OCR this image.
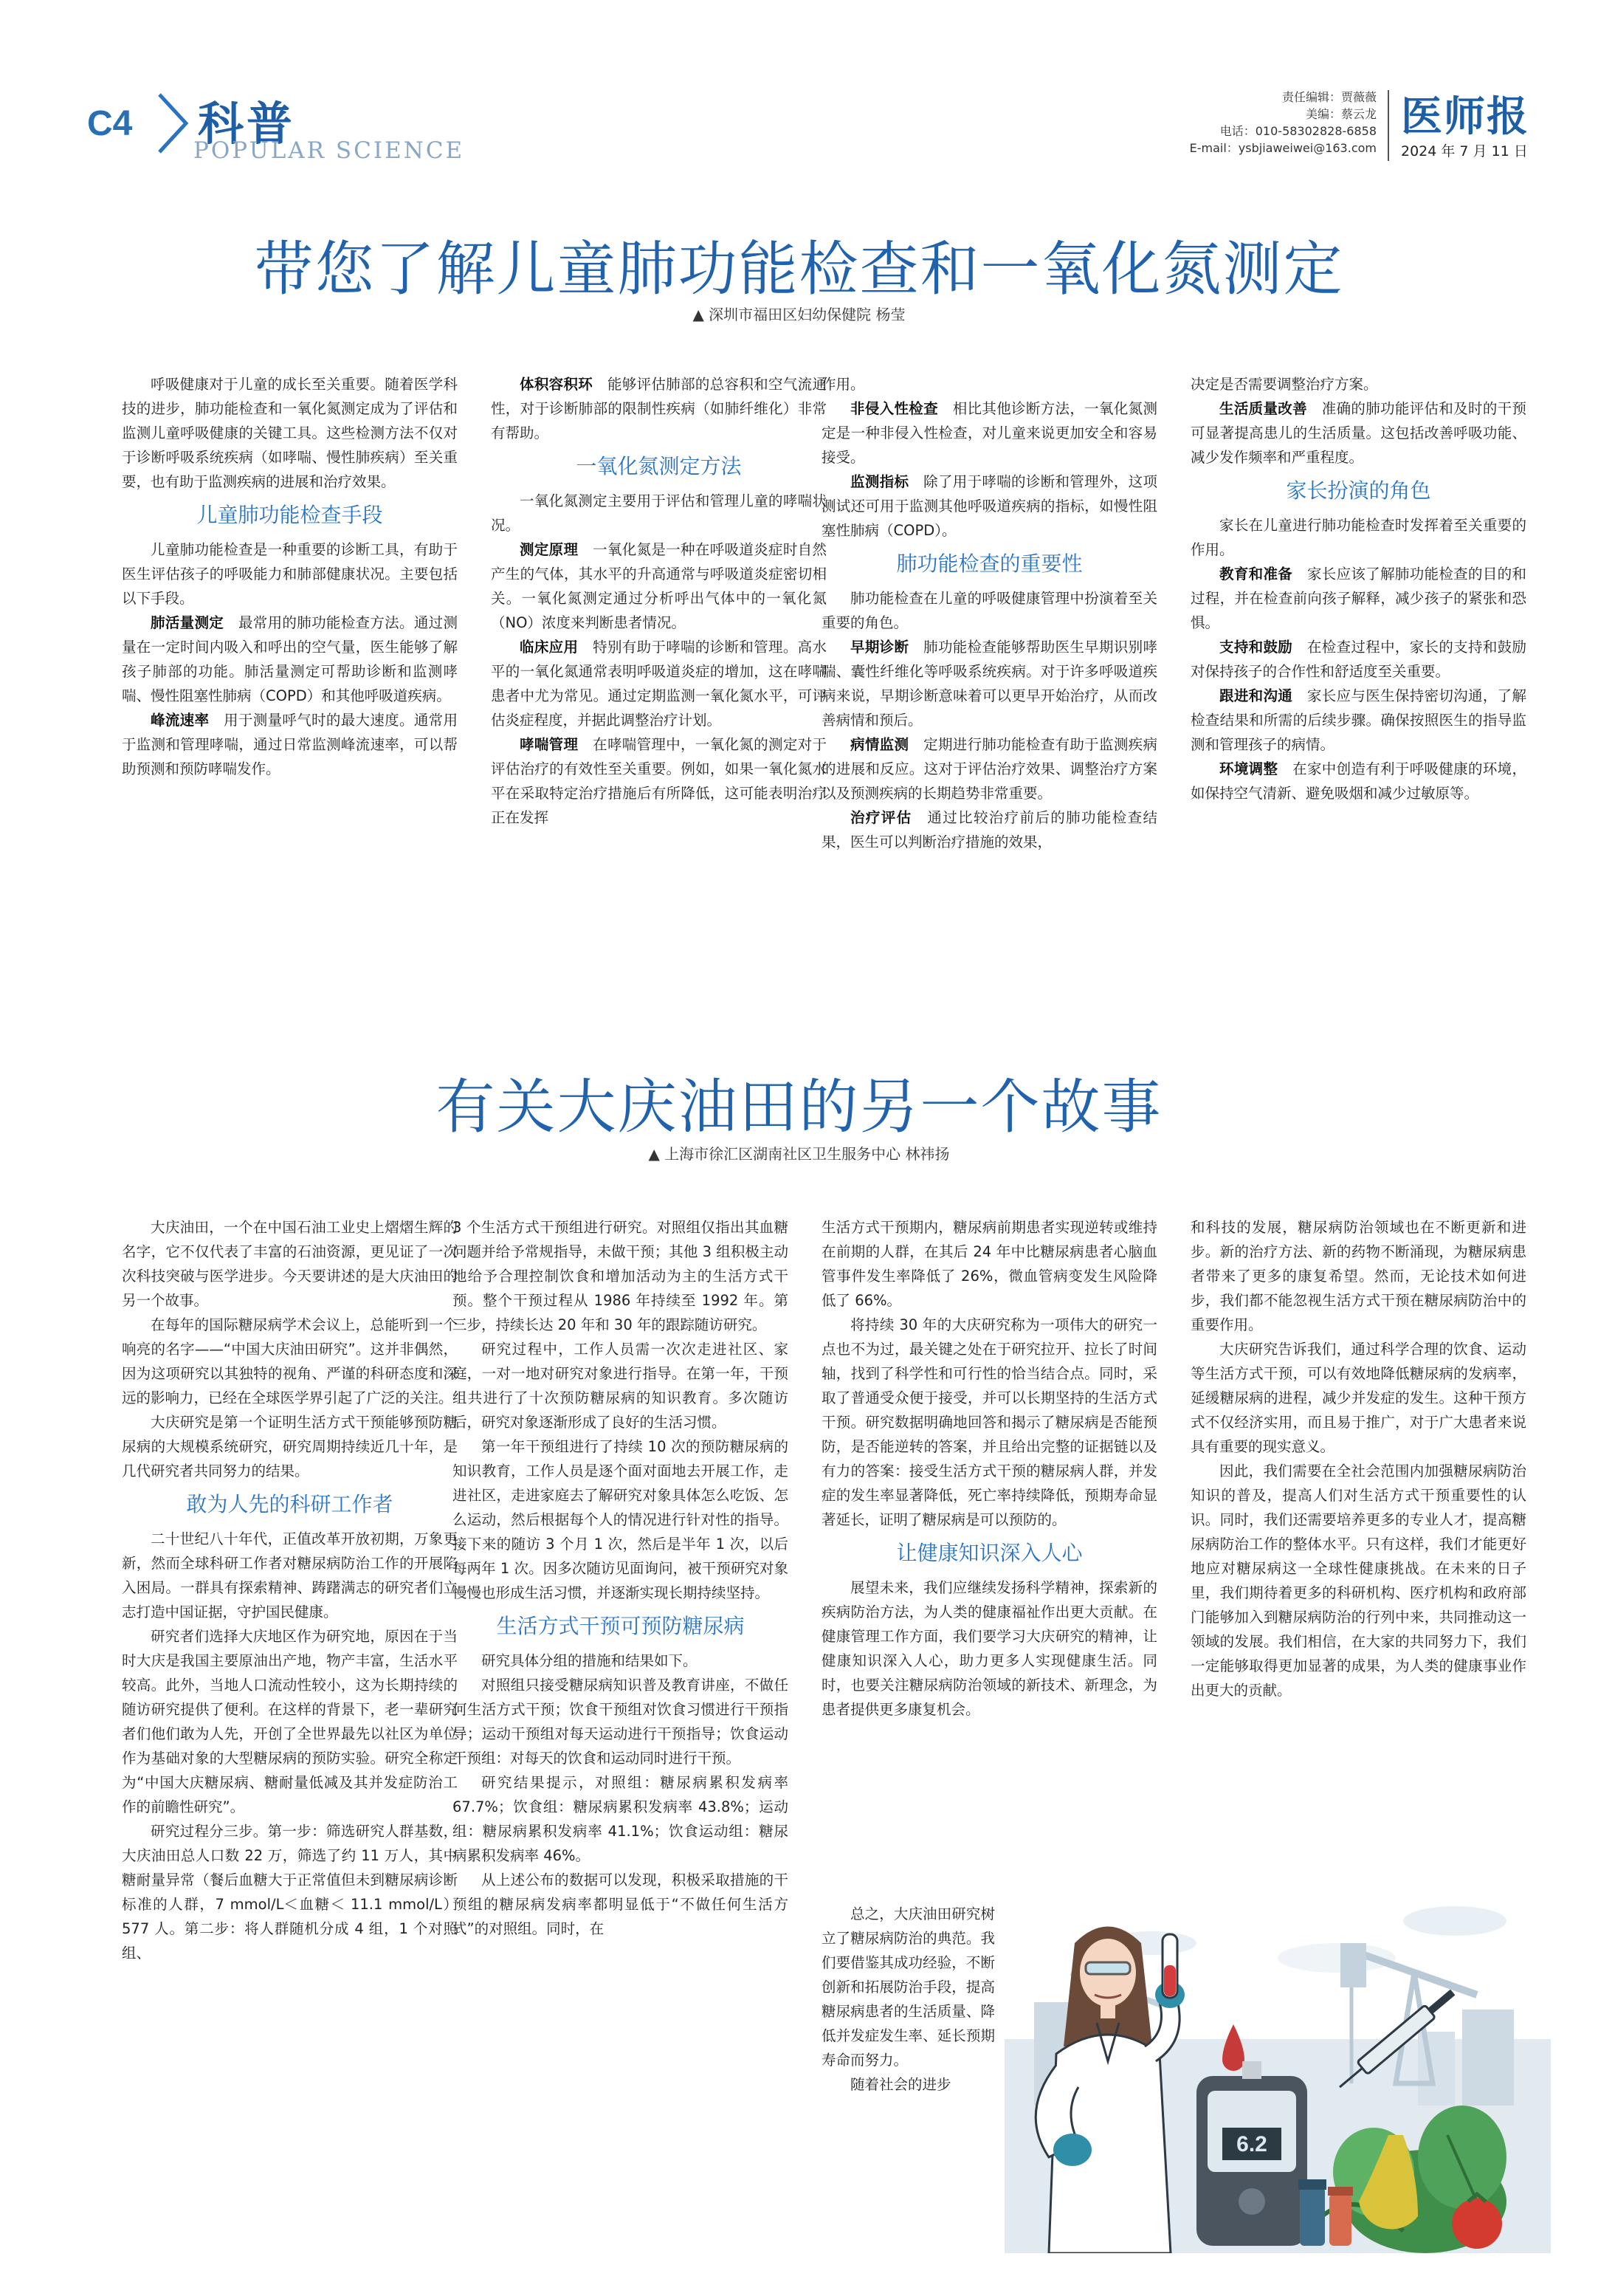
C4 科普
POPULAR SCIENCE
责任编辑：贾薇薇
美编：蔡云龙
电话：010-58302828-6858
E-mail：ysbjiaweiwei@163.com
医师报
2024 年 7 月 11 日
带您了解儿童肺功能检查和一氧化氮测定
▲ 深圳市福田区妇幼保健院 杨莹

呼吸健康对于儿童的成长至关重要。随着医学科技的进步，肺功能检查和一氧化氮测定成为了评估和监测儿童呼吸健康的关键工具。这些检测方法不仅对于诊断呼吸系统疾病（如哮喘、慢性肺疾病）至关重要，也有助于监测疾病的进展和治疗效果。

儿童肺功能检查手段

儿童肺功能检查是一种重要的诊断工具，有助于医生评估孩子的呼吸能力和肺部健康状况。主要包括以下手段。

肺活量测定　 最常用的肺功能检查方法。通过测量在一定时间内吸入和呼出的空气量，医生能够了解孩子肺部的功能。肺活量测定可帮助诊断和监测哮喘、慢性阻塞性肺病（COPD）和其他呼吸道疾病。

峰流速率　 用于测量呼气时的最大速度。通常用于监测和管理哮喘，通过日常监测峰流速率，可以帮助预测和预防哮喘发作。

体积容积环　 能够评估肺部的总容积和空气流通性，对于诊断肺部的限制性疾病（如肺纤维化）非常有帮助。

一氧化氮测定方法

一氧化氮测定主要用于评估和管理儿童的哮喘状况。

测定原理　 一氧化氮是一种在呼吸道炎症时自然产生的气体，其水平的升高通常与呼吸道炎症密切相关。一氧化氮测定通过分析呼出气体中的一氧化氮（NO）浓度来判断患者情况。

临床应用　 特别有助于哮喘的诊断和管理。高水平的一氧化氮通常表明呼吸道炎症的增加，这在哮喘患者中尤为常见。通过定期监测一氧化氮水平，可评估炎症程度，并据此调整治疗计划。

哮喘管理　 在哮喘管理中，一氧化氮的测定对于评估治疗的有效性至关重要。例如，如果一氧化氮水平在采取特定治疗措施后有所降低，这可能表明治疗正在发挥

作用。

非侵入性检查　 相比其他诊断方法，一氧化氮测定是一种非侵入性检查，对儿童来说更加安全和容易接受。

监测指标　 除了用于哮喘的诊断和管理外，这项测试还可用于监测其他呼吸道疾病的指标，如慢性阻塞性肺病（COPD）。

肺功能检查的重要性

肺功能检查在儿童的呼吸健康管理中扮演着至关重要的角色。

早期诊断　 肺功能检查能够帮助医生早期识别哮喘、囊性纤维化等呼吸系统疾病。对于许多呼吸道疾病来说，早期诊断意味着可以更早开始治疗，从而改善病情和预后。

病情监测　 定期进行肺功能检查有助于监测疾病的进展和反应。这对于评估治疗效果、调整治疗方案以及预测疾病的长期趋势非常重要。

治疗评估　 通过比较治疗前后的肺功能检查结果，医生可以判断治疗措施的效果，

决定是否需要调整治疗方案。

生活质量改善　 准确的肺功能评估和及时的干预可显著提高患儿的生活质量。这包括改善呼吸功能、减少发作频率和严重程度。

家长扮演的角色

家长在儿童进行肺功能检查时发挥着至关重要的作用。

教育和准备　 家长应该了解肺功能检查的目的和过程，并在检查前向孩子解释，减少孩子的紧张和恐惧。

支持和鼓励　 在检查过程中，家长的支持和鼓励对保持孩子的合作性和舒适度至关重要。

跟进和沟通　 家长应与医生保持密切沟通，了解检查结果和所需的后续步骤。确保按照医生的指导监测和管理孩子的病情。

环境调整　 在家中创造有利于呼吸健康的环境，如保持空气清新、避免吸烟和减少过敏原等。

有关大庆油田的另一个故事
▲ 上海市徐汇区湖南社区卫生服务中心 林祎扬

大庆油田，一个在中国石油工业史上熠熠生辉的名字，它不仅代表了丰富的石油资源，更见证了一次次科技突破与医学进步。今天要讲述的是大庆油田的另一个故事。

在每年的国际糖尿病学术会议上，总能听到一个响亮的名字——“中国大庆油田研究”。这并非偶然，因为这项研究以其独特的视角、严谨的科研态度和深远的影响力，已经在全球医学界引起了广泛的关注。

大庆研究是第一个证明生活方式干预能够预防糖尿病的大规模系统研究，研究周期持续近几十年，是几代研究者共同努力的结果。

敢为人先的科研工作者

二十世纪八十年代，正值改革开放初期，万象更新，然而全球科研工作者对糖尿病防治工作的开展陷入困局。一群具有探索精神、踌躇满志的研究者们立志打造中国证据，守护国民健康。

研究者们选择大庆地区作为研究地，原因在于当时大庆是我国主要原油出产地，物产丰富，生活水平较高。此外，当地人口流动性较小，这为长期持续的随访研究提供了便利。在这样的背景下，老一辈研究者们他们敢为人先，开创了全世界最先以社区为单位作为基础对象的大型糖尿病的预防实验。研究全称定为“中国大庆糖尿病、糖耐量低减及其并发症防治工作的前瞻性研究”。

研究过程分三步。第一步：筛选研究人群基数，大庆油田总人口数 22 万，筛选了约 11 万人，其中糖耐量异常（餐后血糖大于正常值但未到糖尿病诊断标准的人群，7 mmol/L＜血糖＜ 11.1 mmol/L）577 人。第二步：将人群随机分成 4 组，1 个对照组、

3 个生活方式干预组进行研究。对照组仅指出其血糖问题并给予常规指导，未做干预；其他 3 组积极主动地给予合理控制饮食和增加活动为主的生活方式干预。整个干预过程从 1986 年持续至 1992 年。第三步，持续长达 20 年和 30 年的跟踪随访研究。

研究过程中，工作人员需一次次走进社区、家庭，一对一地对研究对象进行指导。在第一年，干预组共进行了十次预防糖尿病的知识教育。多次随访后，研究对象逐渐形成了良好的生活习惯。

第一年干预组进行了持续 10 次的预防糖尿病的知识教育，工作人员是逐个面对面地去开展工作，走进社区，走进家庭去了解研究对象具体怎么吃饭、怎么运动，然后根据每个人的情况进行针对性的指导。接下来的随访 3 个月 1 次，然后是半年 1 次，以后每两年 1 次。因多次随访见面询问，被干预研究对象慢慢也形成生活习惯，并逐渐实现长期持续坚持。

生活方式干预可预防糖尿病

研究具体分组的措施和结果如下。

对照组只接受糖尿病知识普及教育讲座，不做任何生活方式干预；饮食干预组对饮食习惯进行干预指导；运动干预组对每天运动进行干预指导；饮食运动干预组：对每天的饮食和运动同时进行干预。

研究结果提示，对照组：糖尿病累积发病率 67.7%；饮食组：糖尿病累积发病率 43.8%；运动组：糖尿病累积发病率 41.1%；饮食运动组：糖尿病累积发病率 46%。

从上述公布的数据可以发现，积极采取措施的干预组的糖尿病发病率都明显低于“不做任何生活方式”的对照组。同时，在

生活方式干预期内，糖尿病前期患者实现逆转或维持在前期的人群，在其后 24 年中比糖尿病患者心脑血管事件发生率降低了 26%，微血管病变发生风险降低了 66%。

将持续 30 年的大庆研究称为一项伟大的研究一点也不为过，最关键之处在于研究拉开、拉长了时间轴，找到了科学性和可行性的恰当结合点。同时，采取了普通受众便于接受，并可以长期坚持的生活方式干预。研究数据明确地回答和揭示了糖尿病是否能预防，是否能逆转的答案，并且给出完整的证据链以及有力的答案：接受生活方式干预的糖尿病人群，并发症的发生率显著降低，死亡率持续降低，预期寿命显著延长，证明了糖尿病是可以预防的。

让健康知识深入人心

展望未来，我们应继续发扬科学精神，探索新的疾病防治方法，为人类的健康福祉作出更大贡献。在健康管理工作方面，我们要学习大庆研究的精神，让健康知识深入人心，助力更多人实现健康生活。同时，也要关注糖尿病防治领域的新技术、新理念，为患者提供更多康复机会。

总之，大庆油田研究树立了糖尿病防治的典范。我们要借鉴其成功经验，不断创新和拓展防治手段，提高糖尿病患者的生活质量、降低并发症发生率、延长预期寿命而努力。

随着社会的进步

和科技的发展，糖尿病防治领域也在不断更新和进步。新的治疗方法、新的药物不断涌现，为糖尿病患者带来了更多的康复希望。然而，无论技术如何进步，我们都不能忽视生活方式干预在糖尿病防治中的重要作用。

大庆研究告诉我们，通过科学合理的饮食、运动等生活方式干预，可以有效地降低糖尿病的发病率，延缓糖尿病的进程，减少并发症的发生。这种干预方式不仅经济实用，而且易于推广，对于广大患者来说具有重要的现实意义。

因此，我们需要在全社会范围内加强糖尿病防治知识的普及，提高人们对生活方式干预重要性的认识。同时，我们还需要培养更多的专业人才，提高糖尿病防治工作的整体水平。只有这样，我们才能更好地应对糖尿病这一全球性健康挑战。在未来的日子里，我们期待着更多的科研机构、医疗机构和政府部门能够加入到糖尿病防治的行列中来，共同推动这一领域的发展。我们相信，在大家的共同努力下，我们一定能够取得更加显著的成果，为人类的健康事业作出更大的贡献。

6.2
